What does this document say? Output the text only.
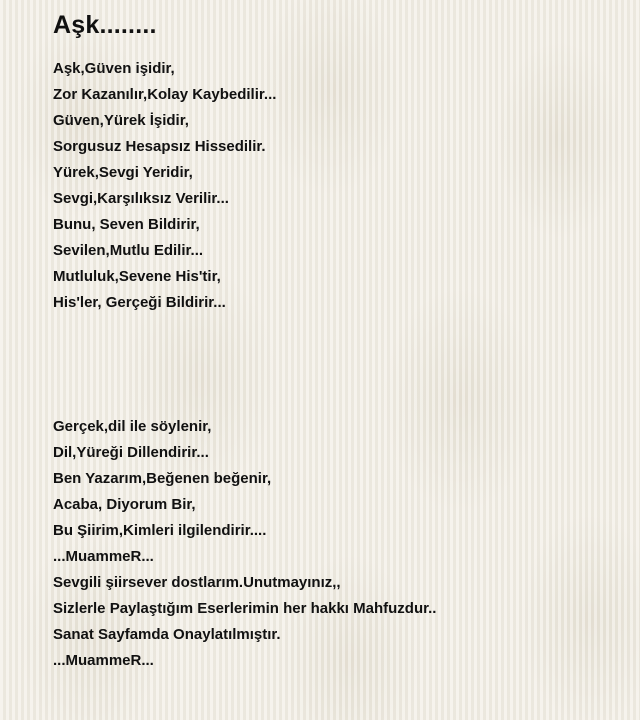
Aşk........
Aşk,Güven işidir,
Zor Kazanılır,Kolay Kaybedilir...
Güven,Yürek İşidir,
Sorgusuz Hesapsız Hissedilir.
Yürek,Sevgi Yeridir,
Sevgi,Karşılıksız Verilir...
Bunu, Seven Bildirir,
Sevilen,Mutlu Edilir...
Mutluluk,Sevene His'tir,
His'ler, Gerçeği Bildirir...
Gerçek,dil ile söylenir,
Dil,Yüreği Dillendirir...
Ben Yazarım,Beğenen beğenir,
Acaba, Diyorum Bir,
Bu Şiirim,Kimleri ilgilendirir....
...MuammeR...
Sevgili şiirsever dostlarım.Unutmayınız,,
Sizlerle Paylaştığım Eserlerimin her hakkı Mahfuzdur..
Sanat Sayfamda Onaylatılmıştır.
...MuammeR...
